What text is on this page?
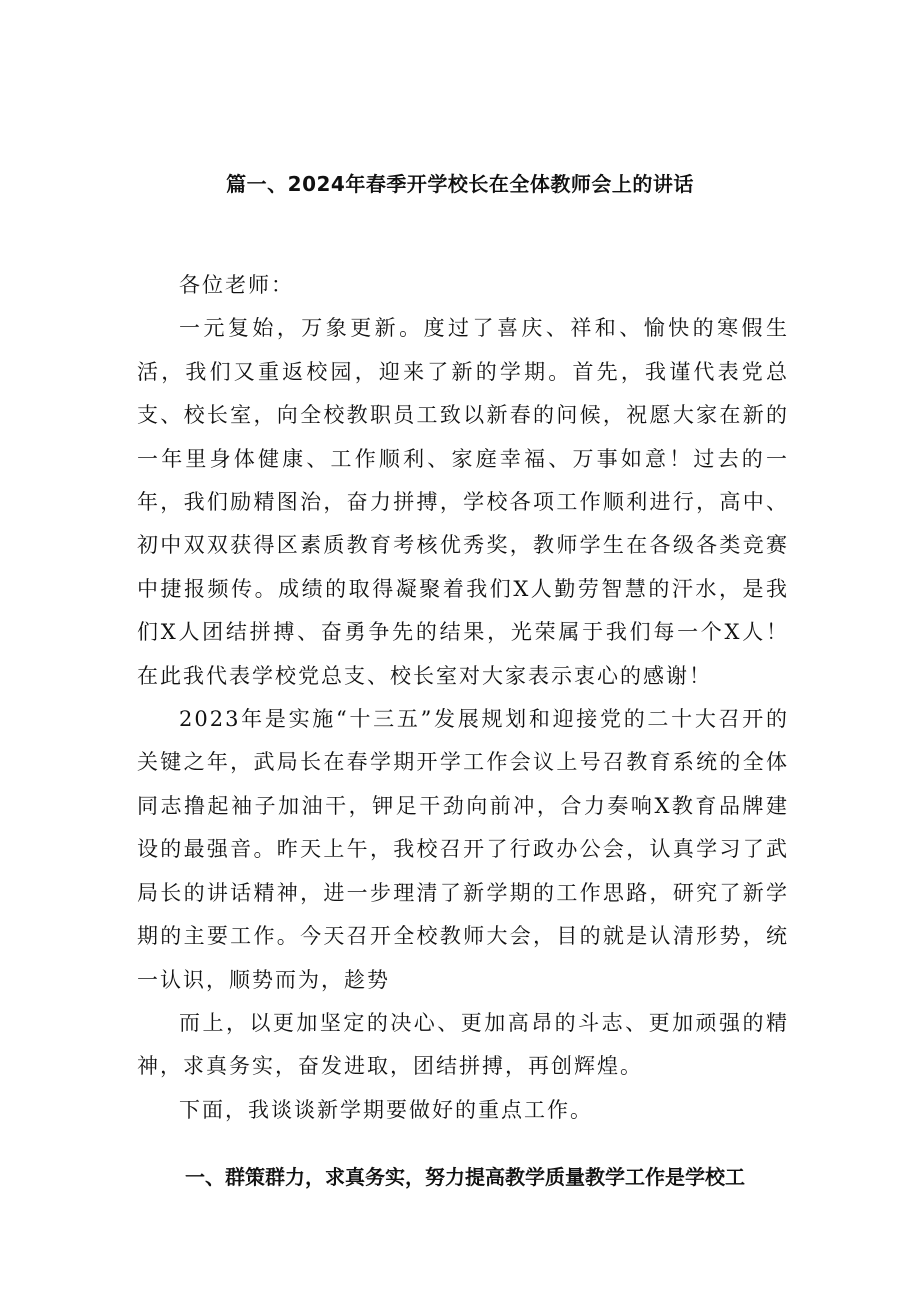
篇一、2024年春季开学校长在全体教师会上的讲话

各位老师：

一元复始，万象更新。度过了喜庆、祥和、愉快的寒假生活，我们又重返校园，迎来了新的学期。首先，我谨代表党总支、校长室，向全校教职员工致以新春的问候，祝愿大家在新的一年里身体健康、工作顺利、家庭幸福、万事如意！过去的一年，我们励精图治，奋力拼搏，学校各项工作顺利进行，高中、初中双双获得区素质教育考核优秀奖，教师学生在各级各类竞赛中捷报频传。成绩的取得凝聚着我们X人勤劳智慧的汗水，是我们X人团结拼搏、奋勇争先的结果，光荣属于我们每一个X人！在此我代表学校党总支、校长室对大家表示衷心的感谢！

2023年是实施“十三五”发展规划和迎接党的二十大召开的关键之年，武局长在春学期开学工作会议上号召教育系统的全体同志撸起袖子加油干，钾足干劲向前冲，合力奏响X教育品牌建设的最强音。昨天上午，我校召开了行政办公会，认真学习了武局长的讲话精神，进一步理清了新学期的工作思路，研究了新学期的主要工作。今天召开全校教师大会，目的就是认清形势，统一认识，顺势而为，趁势

而上，以更加坚定的决心、更加高昂的斗志、更加顽强的精神，求真务实，奋发进取，团结拼搏，再创辉煌。

下面，我谈谈新学期要做好的重点工作。

一、群策群力，求真务实，努力提高教学质量教学工作是学校工
